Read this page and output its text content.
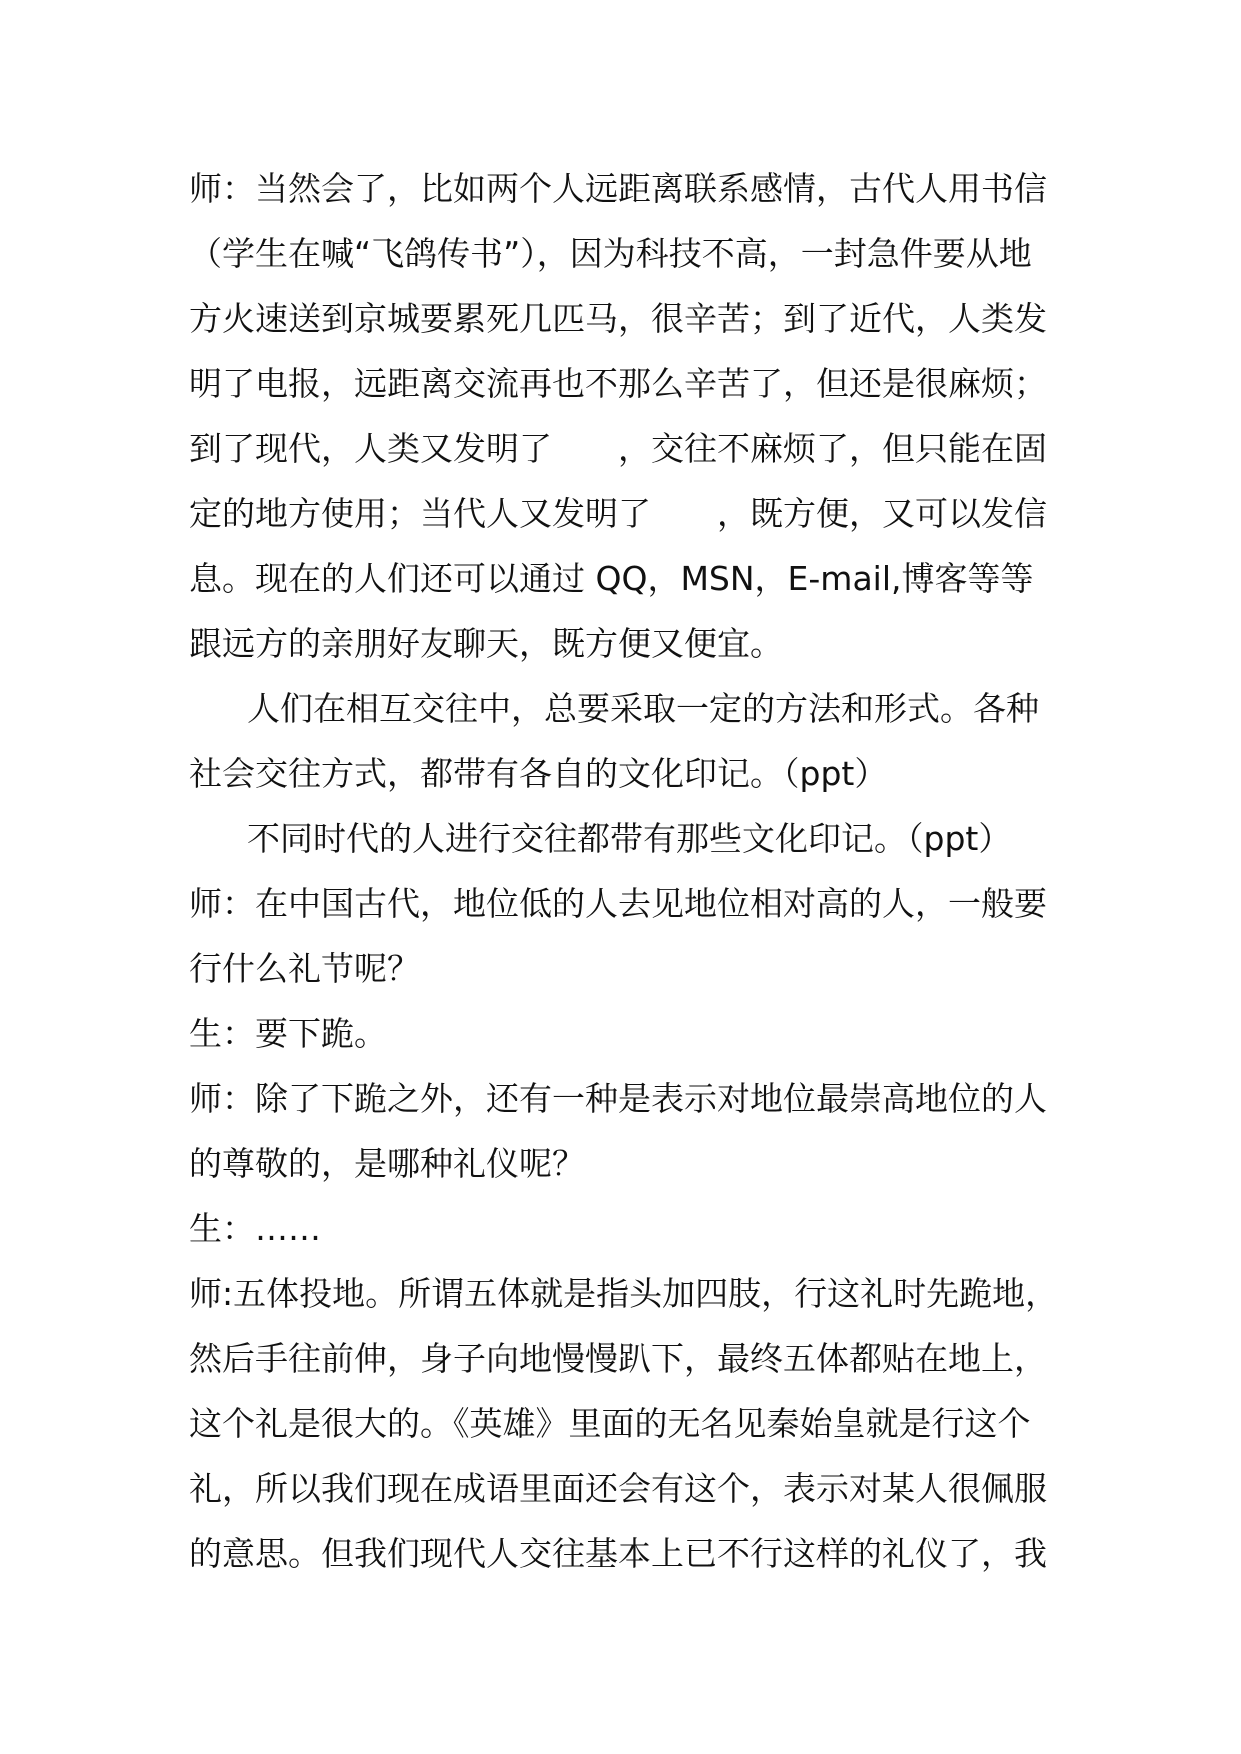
师：当然会了，比如两个人远距离联系感情，古代人用书信
（学生在喊“飞鸽传书”），因为科技不高，一封急件要从地
方火速送到京城要累死几匹马，很辛苦；到了近代，人类发
明了电报，远距离交流再也不那么辛苦了，但还是很麻烦；
到了现代，人类又发明了　　，交往不麻烦了，但只能在固
定的地方使用；当代人又发明了　　，既方便，又可以发信
息。现在的人们还可以通过 QQ，MSN，E-mail,博客等等
跟远方的亲朋好友聊天，既方便又便宜。
人们在相互交往中，总要采取一定的方法和形式。各种
社会交往方式，都带有各自的文化印记。（ppt）
不同时代的人进行交往都带有那些文化印记。（ppt）
师：在中国古代，地位低的人去见地位相对高的人，一般要
行什么礼节呢？
生：要下跪。
师：除了下跪之外，还有一种是表示对地位最崇高地位的人
的尊敬的，是哪种礼仪呢？
生：……
师:五体投地。所谓五体就是指头加四肢，行这礼时先跪地，
然后手往前伸，身子向地慢慢趴下，最终五体都贴在地上，
这个礼是很大的。《英雄》里面的无名见秦始皇就是行这个
礼，所以我们现在成语里面还会有这个，表示对某人很佩服
的意思。但我们现代人交往基本上已不行这样的礼仪了，我
